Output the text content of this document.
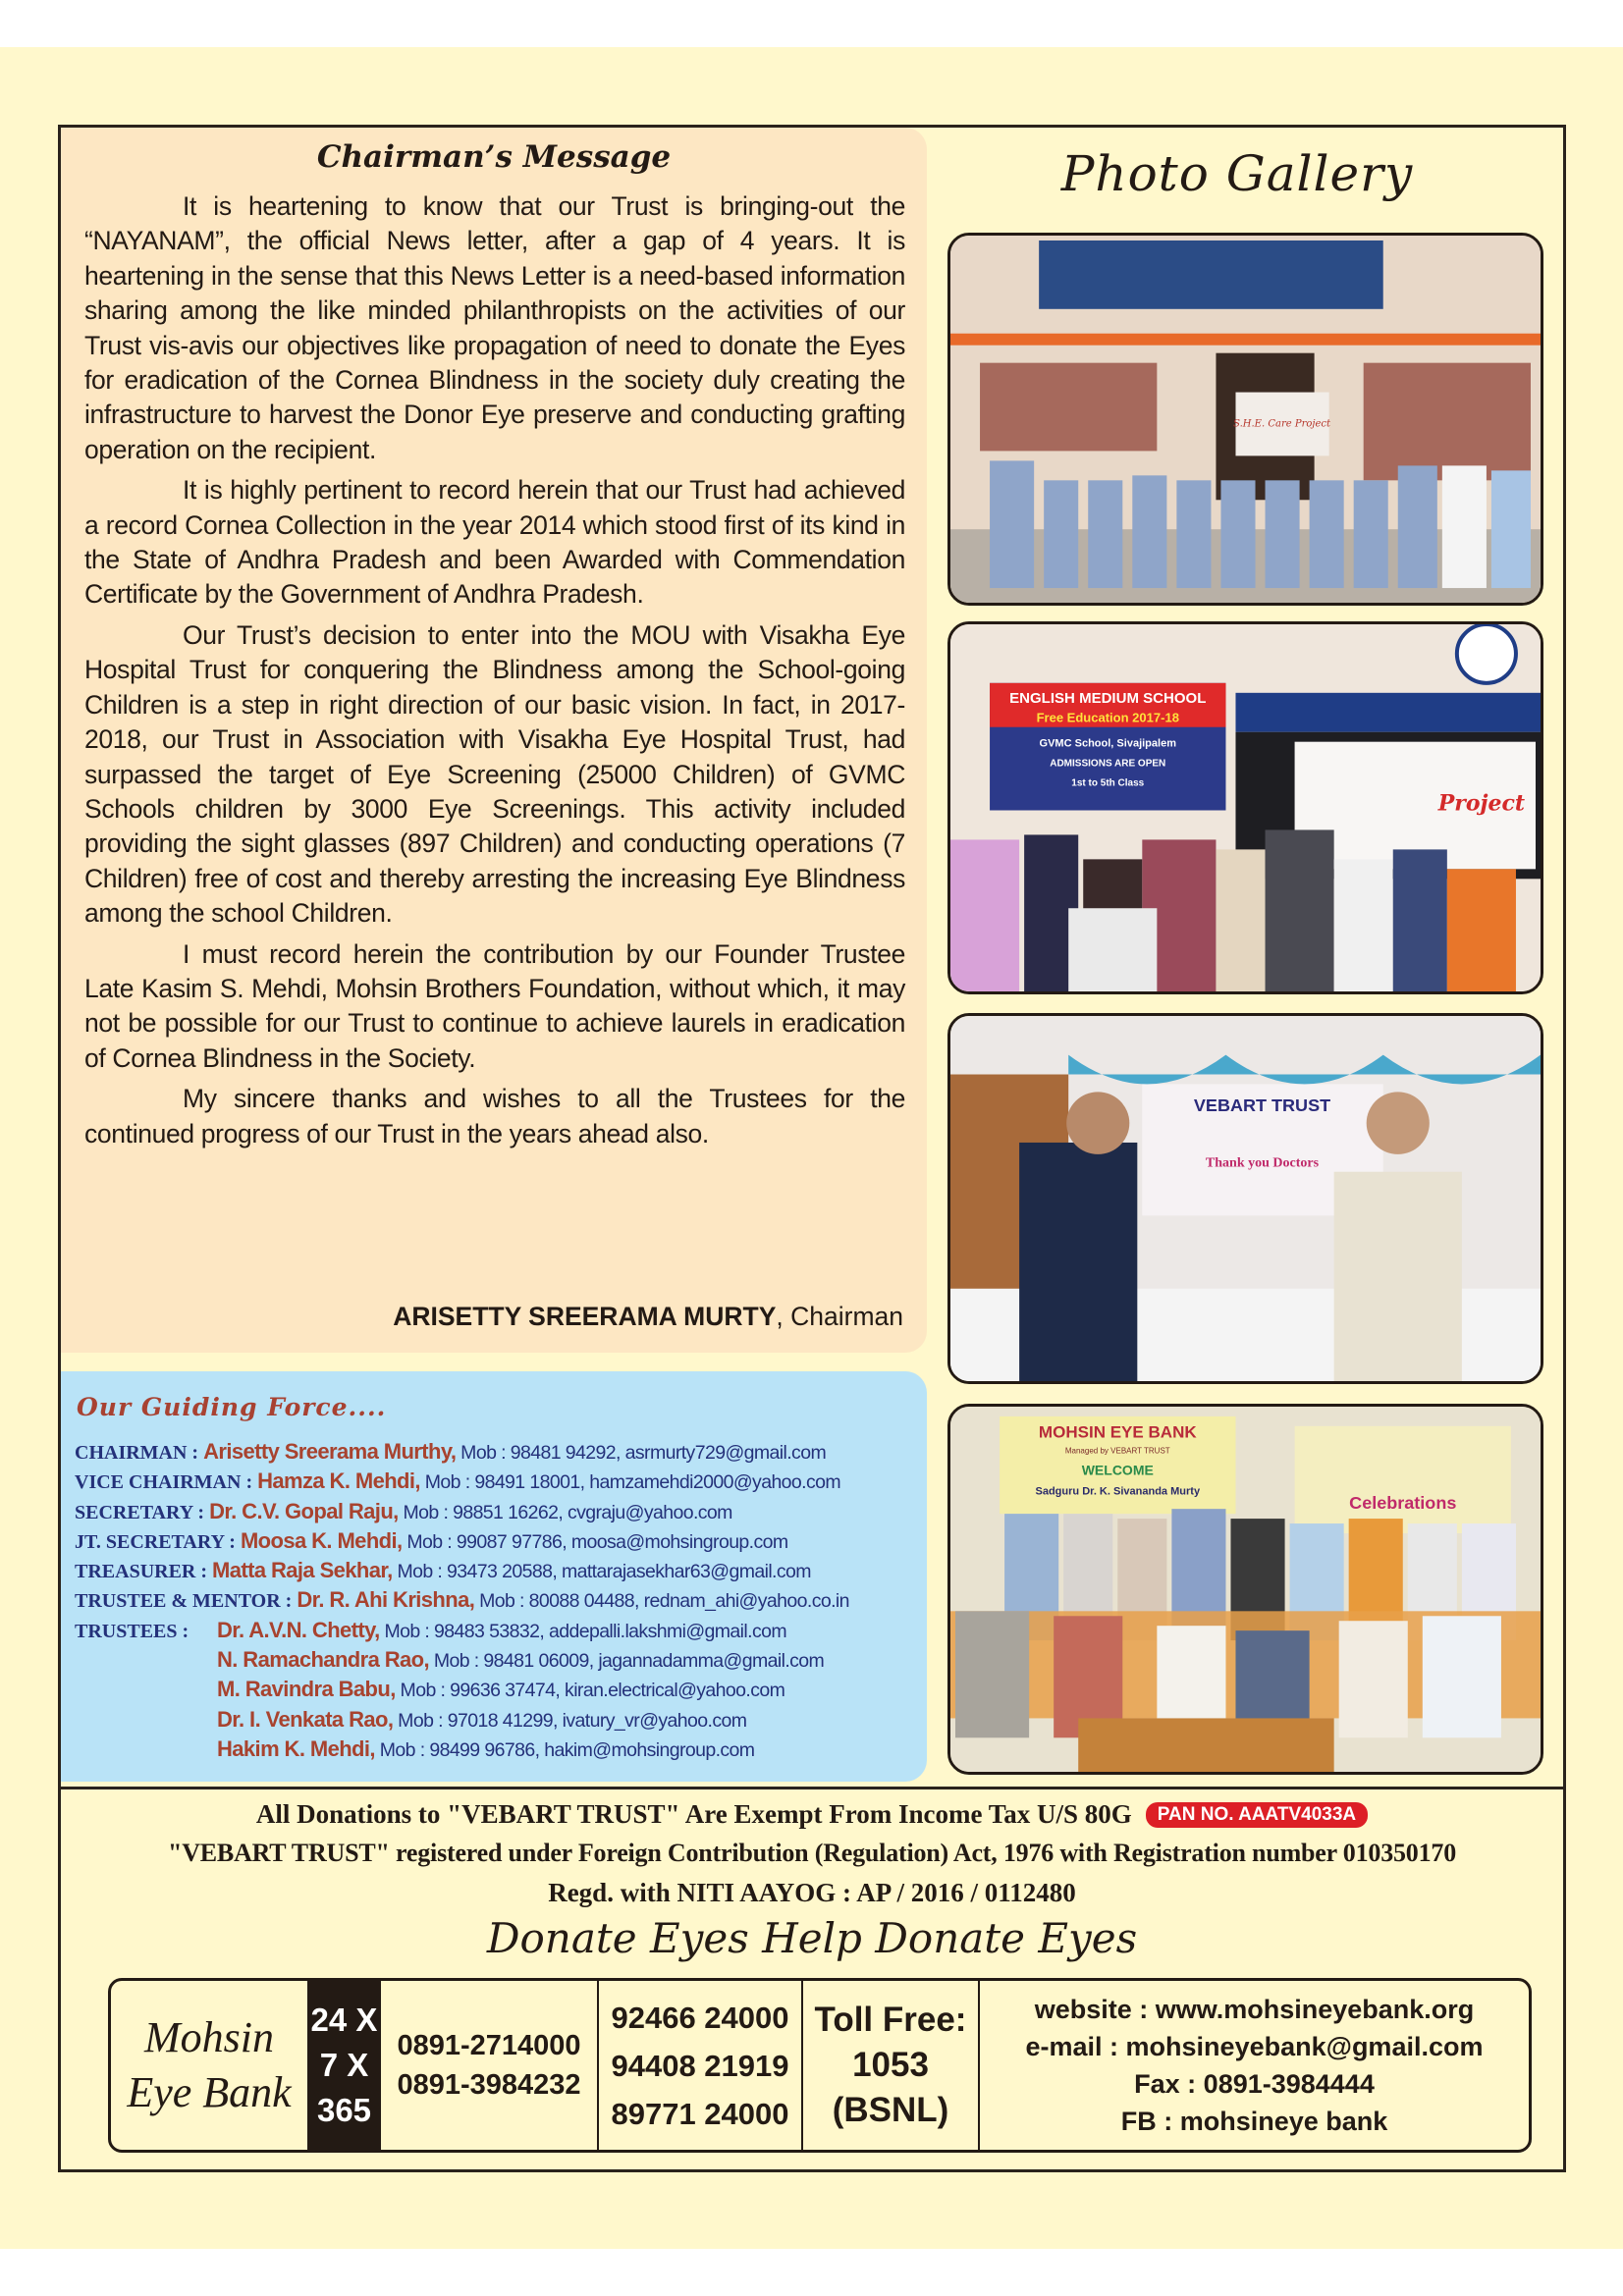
Chairman’s Message

It is heartening to know that our Trust is bringing-out the “NAYANAM”, the official News letter, after a gap of 4 years. It is heartening in the sense that this News Letter is a need-based information sharing among the like minded philanthropists on the activities of our Trust vis-avis our objectives like propagation of need to donate the Eyes for eradication of the Cornea Blindness in the society duly creating the infrastructure to harvest the Donor Eye preserve and conducting grafting operation on the recipient.

It is highly pertinent to record herein that our Trust had achieved a record Cornea Collection in the year 2014 which stood first of its kind in the State of Andhra Pradesh and been Awarded with Commendation Certificate by the Government of Andhra Pradesh.

Our Trust’s decision to enter into the MOU with Visakha Eye Hospital Trust for conquering the Blindness among the School-going Children is a step in right direction of our basic vision. In fact, in 2017-2018, our Trust in Association with Visakha Eye Hospital Trust, had surpassed the target of Eye Screening (25000 Children) of GVMC Schools children by 3000 Eye Screenings. This activity included providing the sight glasses (897 Children) and conducting operations (7 Children) free of cost and thereby arresting the increasing Eye Blindness among the school Children.

I must record herein the contribution by our Founder Trustee Late Kasim S. Mehdi, Mohsin Brothers Foundation, without which, it may not be possible for our Trust to continue to achieve laurels in eradication of Cornea Blindness in the Society.

My sincere thanks and wishes to all the Trustees for the continued progress of our Trust in the years ahead also.

ARISETTY SREERAMA MURTY, Chairman
Our Guiding Force....
CHAIRMAN : Arisetty Sreerama Murthy, Mob : 98481 94292, asrmurty729@gmail.com
VICE CHAIRMAN : Hamza K. Mehdi, Mob : 98491 18001, hamzamehdi2000@yahoo.com
SECRETARY : Dr. C.V. Gopal Raju, Mob : 98851 16262, cvgraju@yahoo.com
JT. SECRETARY : Moosa K. Mehdi, Mob : 99087 97786, moosa@mohsingroup.com
TREASURER : Matta Raja Sekhar, Mob : 93473 20588, mattarajasekhar63@gmail.com
TRUSTEE & MENTOR : Dr. R. Ahi Krishna, Mob : 80088 04488, rednam_ahi@yahoo.co.in
TRUSTEES :Dr. A.V.N. Chetty, Mob : 98483 53832, addepalli.lakshmi@gmail.com
N. Ramachandra Rao, Mob : 98481 06009, jagannadamma@gmail.com
M. Ravindra Babu, Mob : 99636 37474, kiran.electrical@yahoo.com
Dr. I. Venkata Rao, Mob : 97018 41299, ivatury_vr@yahoo.com
Hakim K. Mehdi, Mob : 98499 96786, hakim@mohsingroup.com
Photo Gallery
S.H.E. Care Project
ENGLISH MEDIUM SCHOOL
Free Education 2017-18
GVMC School, Sivajipalem
ADMISSIONS ARE OPEN
1st to 5th Class
Project
VEBART TRUST
Thank you Doctors
MOHSIN EYE BANK
Managed by VEBART TRUST
WELCOME
Sadguru Dr. K. Sivananda Murty
Celebrations
All Donations to "VEBART TRUST" Are Exempt From Income Tax U/S 80G PAN NO. AAATV4033A
"VEBART TRUST" registered under Foreign Contribution (Regulation) Act, 1976 with Registration number 010350170
Regd. with NITI AAYOG : AP / 2016 / 0112480
Donate Eyes Help Donate Eyes
Mohsin
Eye Bank
24 X
7 X
365
0891-2714000
0891-3984232
92466 24000
94408 21919
89771 24000
Toll Free:
1053
(BSNL)
website : www.mohsineyebank.org
e-mail : mohsineyebank@gmail.com
Fax : 0891-3984444
FB : mohsineye bank
